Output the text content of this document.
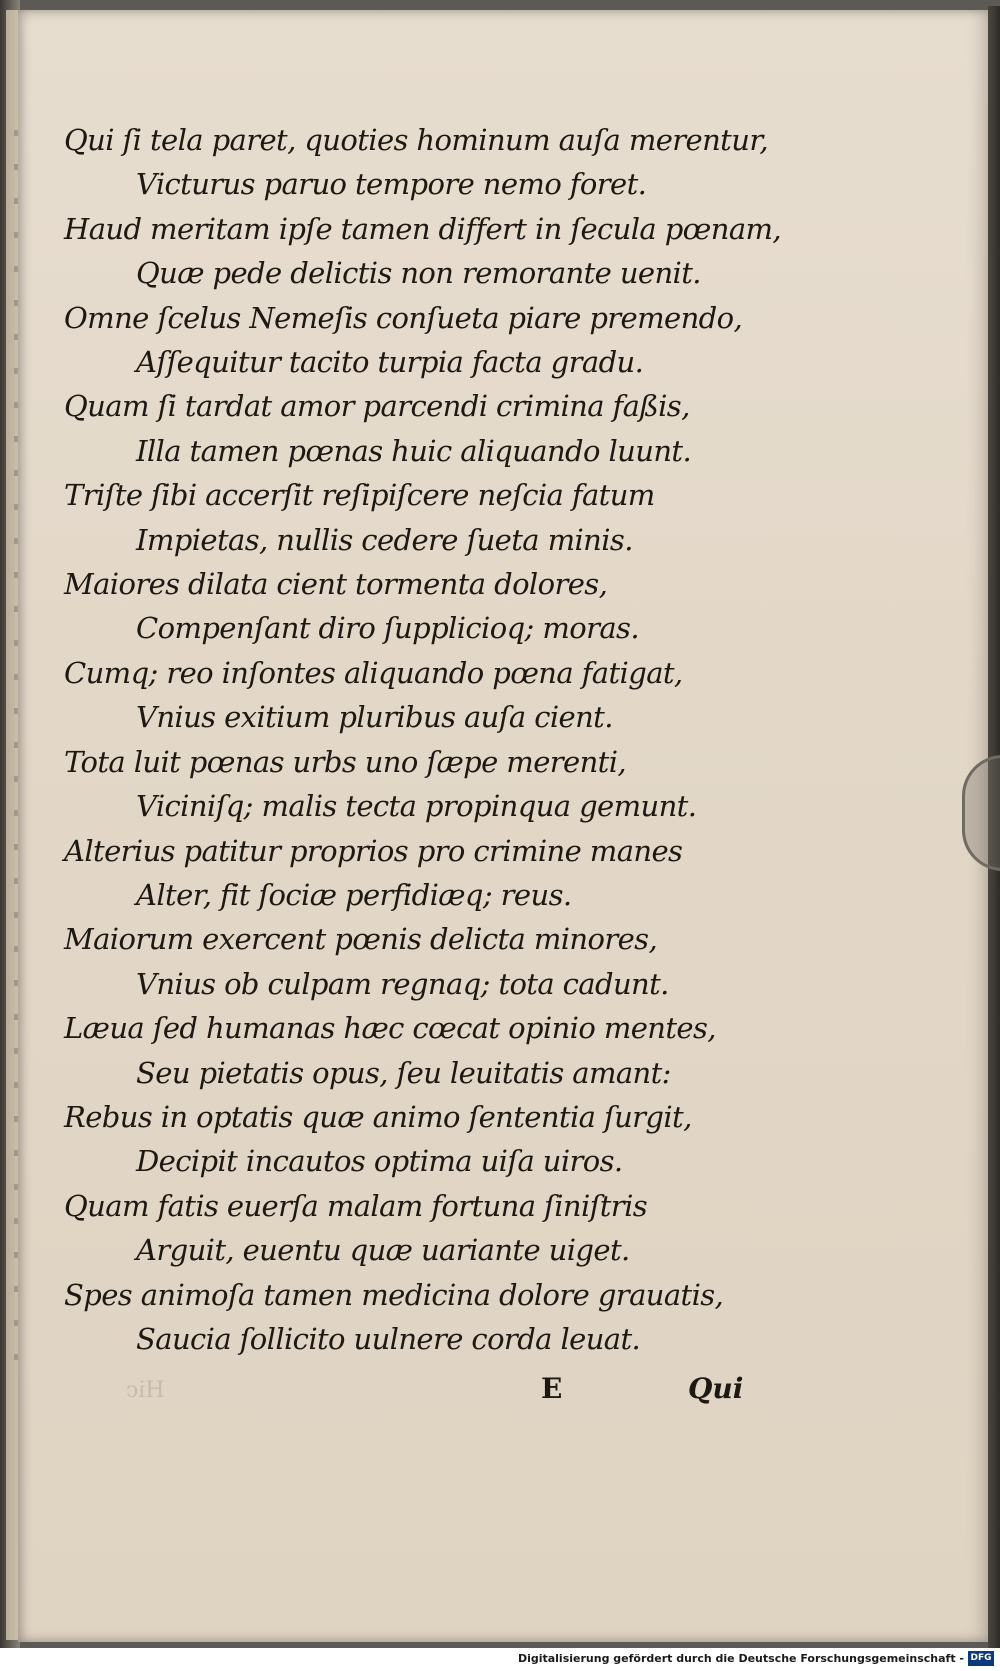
Qui ſi tela paret, quoties hominum auſa merentur,
Victurus paruo tempore nemo foret.
Haud meritam ipſe tamen differt in ſecula pœnam,
Quæ pede delictis non remorante uenit.
Omne ſcelus Nemeſis conſueta piare premendo,
Aſſequitur tacito turpia facta gradu.
Quam ſi tardat amor parcendi crimina faßis,
Illa tamen pœnas huic aliquando luunt.
Triſte ſibi accerſit reſipiſcere neſcia fatum
Impietas, nullis cedere ſueta minis.
Maiores dilata cient tormenta dolores,
Compenſant diro ſupplicioq; moras.
Cumq; reo inſontes aliquando pœna fatigat,
Vnius exitium pluribus auſa cient.
Tota luit pœnas urbs uno ſæpe merenti,
Viciniſq; malis tecta propinqua gemunt.
Alterius patitur proprios pro crimine manes
Alter, fit ſociæ perfidiæq; reus.
Maiorum exercent pœnis delicta minores,
Vnius ob culpam regnaq; tota cadunt.
Læua ſed humanas hæc cœcat opinio mentes,
Seu pietatis opus, ſeu leuitatis amant:
Rebus in optatis quæ animo ſententia ſurgit,
Decipit incautos optima uiſa uiros.
Quam fatis euerſa malam fortuna ſiniſtris
Arguit, euentu quæ uariante uiget.
Spes animoſa tamen medicina dolore grauatis,
Saucia ſollicito uulnere corda leuat.
Hic	E	Qui
Digitalisierung gefördert durch die Deutsche Forschungsgemeinschaft - DFG
